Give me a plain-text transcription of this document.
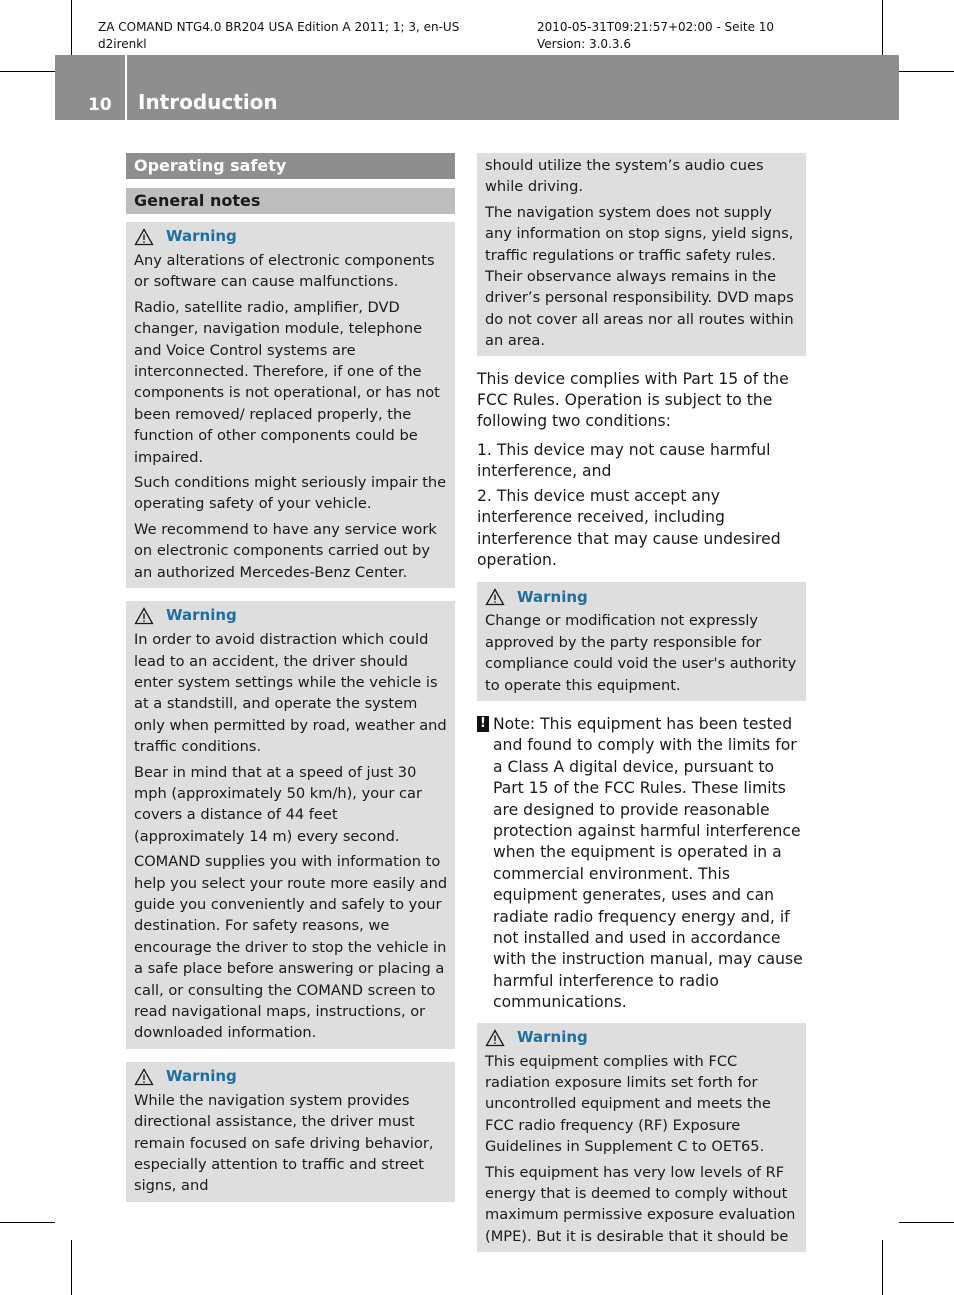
ZA COMAND NTG4.0 BR204 USA Edition A 2011; 1; 3, en-US
d2irenkl
2010-05-31T09:21:57+02:00 - Seite 10
Version: 3.0.3.6
10 Introduction
Operating safety
General notes
Warning

Any alterations of electronic components or software can cause malfunctions.

Radio, satellite radio, amplifier, DVD changer, navigation module, telephone and Voice Control systems are interconnected. Therefore, if one of the components is not operational, or has not been removed/ replaced properly, the function of other components could be impaired.

Such conditions might seriously impair the operating safety of your vehicle.

We recommend to have any service work on electronic components carried out by an authorized Mercedes-Benz Center.

Warning

In order to avoid distraction which could lead to an accident, the driver should enter system settings while the vehicle is at a standstill, and operate the system only when permitted by road, weather and traffic conditions.

Bear in mind that at a speed of just 30 mph (approximately 50 km/h), your car covers a distance of 44 feet (approximately 14 m) every second.

COMAND supplies you with information to help you select your route more easily and guide you conveniently and safely to your destination. For safety reasons, we encourage the driver to stop the vehicle in a safe place before answering or placing a call, or consulting the COMAND screen to read navigational maps, instructions, or downloaded information.

Warning

While the navigation system provides directional assistance, the driver must remain focused on safe driving behavior, especially attention to traffic and street signs, and

should utilize the system’s audio cues while driving.

The navigation system does not supply any information on stop signs, yield signs, traffic regulations or traffic safety rules. Their observance always remains in the driver’s personal responsibility. DVD maps do not cover all areas nor all routes within an area.

This device complies with Part 15 of the FCC Rules. Operation is subject to the following two conditions:

1. This device may not cause harmful interference, and

2. This device must accept any interference received, including interference that may cause undesired operation.

Warning

Change or modification not expressly approved by the party responsible for compliance could void the user's authority to operate this equipment.

! Note: This equipment has been tested and found to comply with the limits for a Class A digital device, pursuant to Part 15 of the FCC Rules. These limits are designed to provide reasonable protection against harmful interference when the equipment is operated in a commercial environment. This equipment generates, uses and can radiate radio frequency energy and, if not installed and used in accordance with the instruction manual, may cause harmful interference to radio communications.
Warning

This equipment complies with FCC radiation exposure limits set forth for uncontrolled equipment and meets the FCC radio frequency (RF) Exposure Guidelines in Supplement C to OET65.

This equipment has very low levels of RF energy that is deemed to comply without maximum permissive exposure evaluation (MPE). But it is desirable that it should be
